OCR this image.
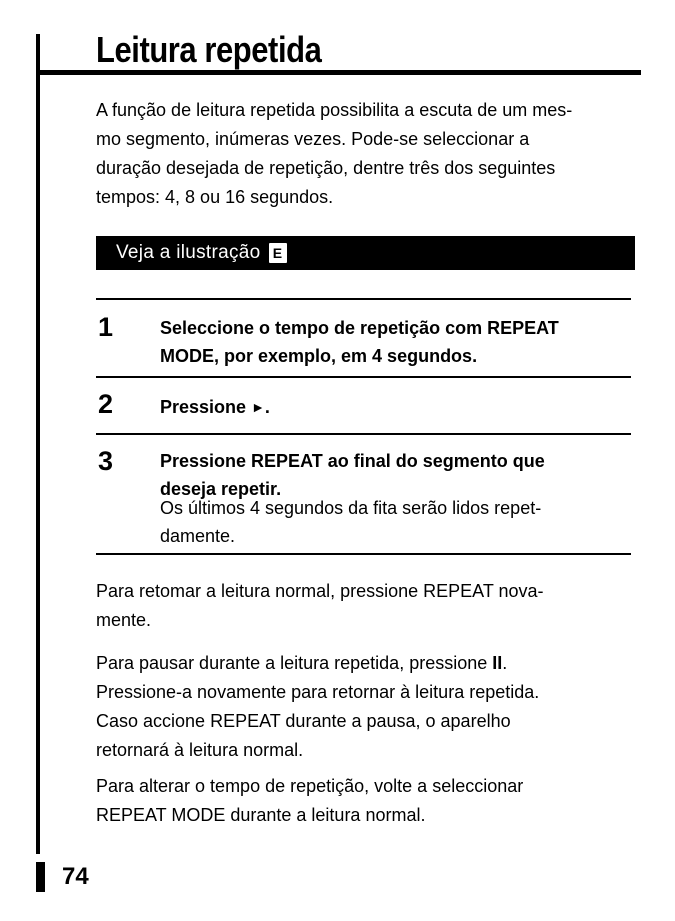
Leitura repetida

A função de leitura repetida possibilita a escuta de um mes-
mo segmento, inúmeras vezes. Pode-se seleccionar a
duração desejada de repetição, dentre três dos seguintes
tempos: 4, 8 ou 16 segundos.

Veja a ilustração E
1	Seleccione o tempo de repetição com REPEAT
MODE, por exemplo, em 4 segundos.
2	Pressione ►.
3	Pressione REPEAT ao final do segmento que
deseja repetir.
Os últimos 4 segundos da fita serão lidos repet-
damente.

Para retomar a leitura normal, pressione REPEAT nova-
mente.

Para pausar durante a leitura repetida, pressione II.
Pressione-a novamente para retornar à leitura repetida.
Caso accione REPEAT durante a pausa, o aparelho
retornará à leitura normal.

Para alterar o tempo de repetição, volte a seleccionar
REPEAT MODE durante a leitura normal.

74
